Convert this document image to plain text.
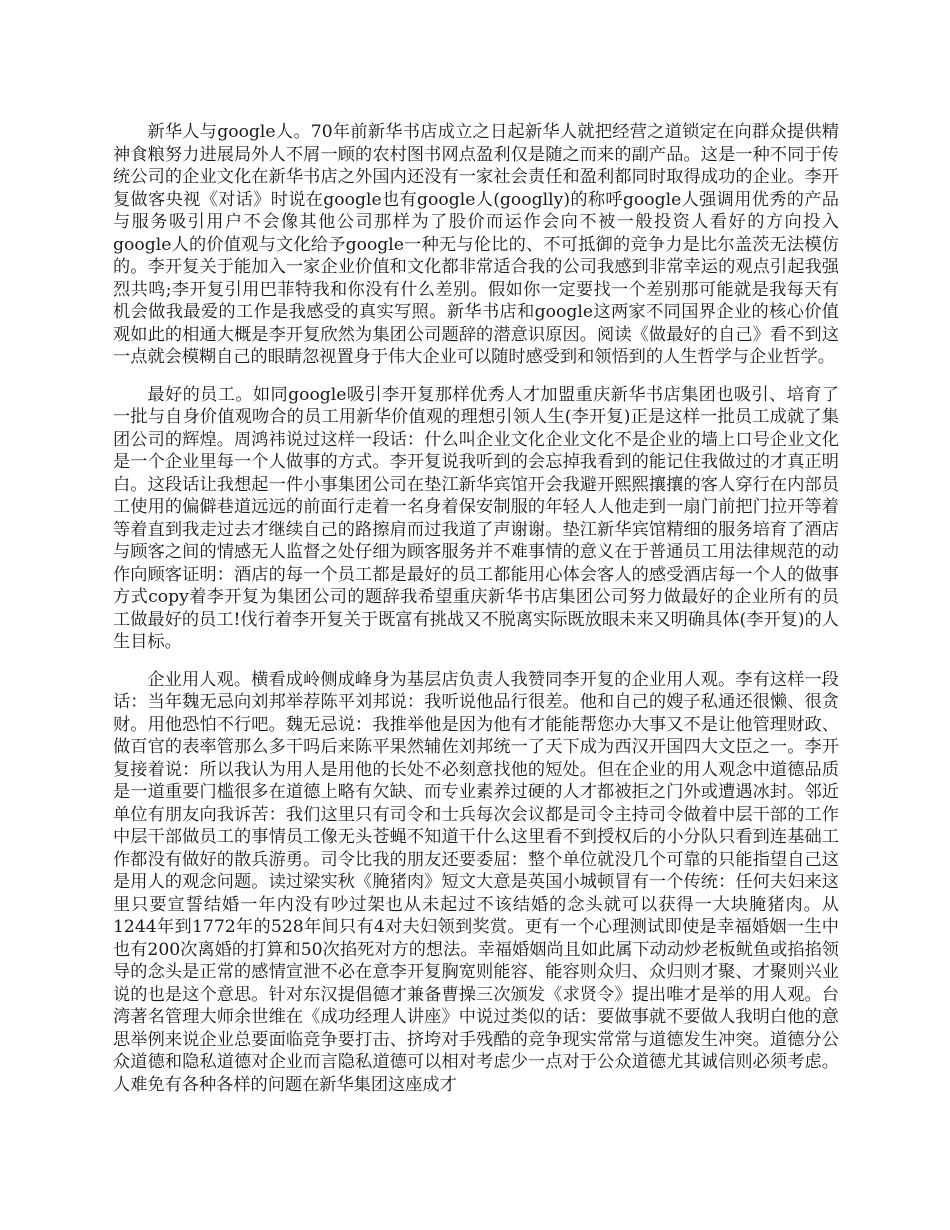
新华人与google人。70年前新华书店成立之日起新华人就把经营之道锁定在向群众提供精神食粮努力进展局外人不屑一顾的农村图书网点盈利仅是随之而来的副产品。这是一种不同于传统公司的企业文化在新华书店之外国内还没有一家社会责任和盈利都同时取得成功的企业。李开复做客央视《对话》时说在google也有google人(googlly)的称呼google人强调用优秀的产品与服务吸引用户不会像其他公司那样为了股价而运作会向不被一般投资人看好的方向投入google人的价值观与文化给予google一种无与伦比的、不可抵御的竞争力是比尔盖茨无法模仿的。李开复关于能加入一家企业价值和文化都非常适合我的公司我感到非常幸运的观点引起我强烈共鸣;李开复引用巴菲特我和你没有什么差别。假如你一定要找一个差别那可能就是我每天有机会做我最爱的工作是我感受的真实写照。新华书店和google这两家不同国界企业的核心价值观如此的相通大概是李开复欣然为集团公司题辞的潜意识原因。阅读《做最好的自己》看不到这一点就会模糊自己的眼睛忽视置身于伟大企业可以随时感受到和领悟到的人生哲学与企业哲学。

最好的员工。如同google吸引李开复那样优秀人才加盟重庆新华书店集团也吸引、培育了一批与自身价值观吻合的员工用新华价值观的理想引领人生(李开复)正是这样一批员工成就了集团公司的辉煌。周鸿祎说过这样一段话：什么叫企业文化企业文化不是企业的墙上口号企业文化是一个企业里每一个人做事的方式。李开复说我听到的会忘掉我看到的能记住我做过的才真正明白。这段话让我想起一件小事集团公司在垫江新华宾馆开会我避开熙熙攘攘的客人穿行在内部员工使用的偏僻巷道远远的前面行走着一名身着保安制服的年轻人人他走到一扇门前把门拉开等着等着直到我走过去才继续自己的路擦肩而过我道了声谢谢。垫江新华宾馆精细的服务培育了酒店与顾客之间的情感无人监督之处仔细为顾客服务并不难事情的意义在于普通员工用法律规范的动作向顾客证明：酒店的每一个员工都是最好的员工都能用心体会客人的感受酒店每一个人的做事方式copy着李开复为集团公司的题辞我希望重庆新华书店集团公司努力做最好的企业所有的员工做最好的员工!伐行着李开复关于既富有挑战又不脱离实际既放眼未来又明确具体(李开复)的人生目标。

企业用人观。横看成岭侧成峰身为基层店负责人我赞同李开复的企业用人观。李有这样一段话：当年魏无忌向刘邦举荐陈平刘邦说：我听说他品行很差。他和自己的嫂子私通还很懒、很贪财。用他恐怕不行吧。魏无忌说：我推举他是因为他有才能能帮您办大事又不是让他管理财政、做百官的表率管那么多干吗后来陈平果然辅佐刘邦统一了天下成为西汉开国四大文臣之一。李开复接着说：所以我认为用人是用他的长处不必刻意找他的短处。但在企业的用人观念中道德品质是一道重要门槛很多在道德上略有欠缺、而专业素养过硬的人才都被拒之门外或遭遇冰封。邻近单位有朋友向我诉苦：我们这里只有司令和士兵每次会议都是司令主持司令做着中层干部的工作中层干部做员工的事情员工像无头苍蝇不知道干什么这里看不到授权后的小分队只看到连基础工作都没有做好的散兵游勇。司令比我的朋友还要委屈：整个单位就没几个可靠的只能指望自己这是用人的观念问题。读过梁实秋《腌猪肉》短文大意是英国小城顿冒有一个传统：任何夫妇来这里只要宣誓结婚一年内没有吵过架也从未起过不该结婚的念头就可以获得一大块腌猪肉。从1244年到1772年的528年间只有4对夫妇领到奖赏。更有一个心理测试即使是幸福婚姻一生中也有200次离婚的打算和50次掐死对方的想法。幸福婚姻尚且如此属下动动炒老板鱿鱼或掐掐领导的念头是正常的感情宣泄不必在意李开复胸宽则能容、能容则众归、众归则才聚、才聚则兴业说的也是这个意思。针对东汉提倡德才兼备曹操三次颁发《求贤令》提出唯才是举的用人观。台湾著名管理大师余世维在《成功经理人讲座》中说过类似的话：要做事就不要做人我明白他的意思举例来说企业总要面临竞争要打击、挤垮对手残酷的竞争现实常常与道德发生冲突。道德分公众道德和隐私道德对企业而言隐私道德可以相对考虑少一点对于公众道德尤其诚信则必须考虑。人难免有各种各样的问题在新华集团这座成才
